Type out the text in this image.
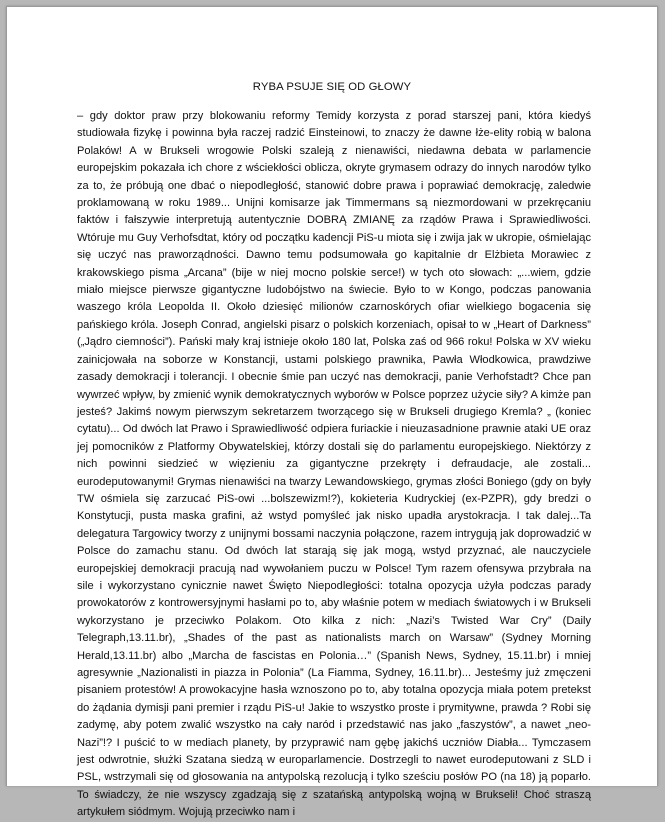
RYBA PSUJE SIĘ OD GŁOWY

– gdy doktor praw przy blokowaniu reformy Temidy korzysta z porad starszej pani, która kiedyś studiowała fizykę i powinna była raczej radzić Einsteinowi, to znaczy że dawne łże-elity robią w balona Polaków! A w Brukseli wrogowie Polski szaleją z nienawiści, niedawna debata w parlamencie europejskim pokazała ich chore z wściekłości oblicza, okryte grymasem odrazy do innych narodów tylko za to, że próbują one dbać o niepodległość, stanowić dobre prawa i poprawiać demokrację, zaledwie proklamowaną w roku 1989... Unijni komisarze jak Timmermans są niezmordowani w przekręcaniu faktów i fałszywie interpretują autentycznie DOBRĄ ZMIANĘ za rządów Prawa i Sprawiedliwości. Wtóruje mu Guy Verhofsdtat, który od początku kadencji PiS-u miota się i zwija jak w ukropie, ośmielając się uczyć nas praworządności. Dawno temu podsumowała go kapitalnie dr Elżbieta Morawiec z krakowskiego pisma „Arcana” (bije w niej mocno polskie serce!) w tych oto słowach: „...wiem, gdzie miało miejsce pierwsze gigantyczne ludobójstwo na świecie. Było to w Kongo, podczas panowania waszego króla Leopolda II. Około dziesięć milionów czarnoskórych ofiar wielkiego bogacenia się pańskiego króla. Joseph Conrad, angielski pisarz o polskich korzeniach, opisał to w „Heart of Darkness” („Jądro ciemności”). Pański mały kraj istnieje około 180 lat, Polska zaś od 966 roku! Polska w XV wieku zainicjowała na soborze w Konstancji, ustami polskiego prawnika, Pawła Włodkowica, prawdziwe zasady demokracji i tolerancji. I obecnie śmie pan uczyć nas demokracji, panie Verhofstadt? Chce pan wywrzeć wpływ, by zmienić wynik demokratycznych wyborów w Polsce poprzez użycie siły? A kimże pan jesteś? Jakimś nowym pierwszym sekretarzem tworzącego się w Brukseli drugiego Kremla? „ (koniec cytatu)... Od dwóch lat Prawo i Sprawiedliwość odpiera furiackie i nieuzasadnione prawnie ataki UE oraz jej pomocników z Platformy Obywatelskiej, którzy dostali się do parlamentu europejskiego. Niektórzy z nich powinni siedzieć w więzieniu za gigantyczne przekręty i defraudacje, ale zostali... eurodeputowanymi! Grymas nienawiści na twarzy Lewandowskiego, grymas złości Boniego (gdy on były TW ośmiela się zarzucać PiS-owi ...bolszewizm!?), kokieteria Kudryckiej (ex-PZPR), gdy bredzi o Konstytucji, pusta maska grafini, aż wstyd pomyśleć jak nisko upadła arystokracja. I tak dalej...Ta delegatura Targowicy tworzy z unijnymi bossami naczynia połączone, razem intrygują jak doprowadzić w Polsce do zamachu stanu. Od dwóch lat starają się jak mogą, wstyd przyznać, ale nauczyciele europejskiej demokracji pracują nad wywołaniem puczu w Polsce! Tym razem ofensywa przybrała na sile i wykorzystano cynicznie nawet Święto Niepodległości: totalna opozycja użyła podczas parady prowokatorów z kontrowersyjnymi hasłami po to, aby właśnie potem w mediach światowych i w Brukseli wykorzystano je przeciwko Polakom. Oto kilka z nich: „Nazi’s Twisted War Cry” (Daily Telegraph,13.11.br), „Shades of the past as nationalists march on Warsaw” (Sydney Morning Herald,13.11.br) albo „Marcha de fascistas en Polonia…” (Spanish News, Sydney, 15.11.br) i mniej agresywnie „Nazionalisti in piazza in Polonia” (La Fiamma, Sydney, 16.11.br)... Jesteśmy już zmęczeni pisaniem protestów! A prowokacyjne hasła wznoszono po to, aby totalna opozycja miała potem pretekst do żądania dymisji pani premier i rządu PiS-u! Jakie to wszystko proste i prymitywne, prawda ? Robi się zadymę, aby potem zwalić wszystko na cały naród i przedstawić nas jako „faszystów”, a nawet „neo-Nazi”!? I puścić to w mediach planety, by przyprawić nam gębę jakichś uczniów Diabła... Tymczasem jest odwrotnie, służki Szatana siedzą w europarlamencie. Dostrzegli to nawet eurodeputowani z SLD i PSL, wstrzymali się od głosowania na antypolską rezolucją i tylko sześciu posłów PO (na 18) ją poparło. To świadczy, że nie wszyscy zgadzają się z szatańską antypolską wojną w Brukseli! Choć straszą artykułem siódmym. Wojują przeciwko nam i
